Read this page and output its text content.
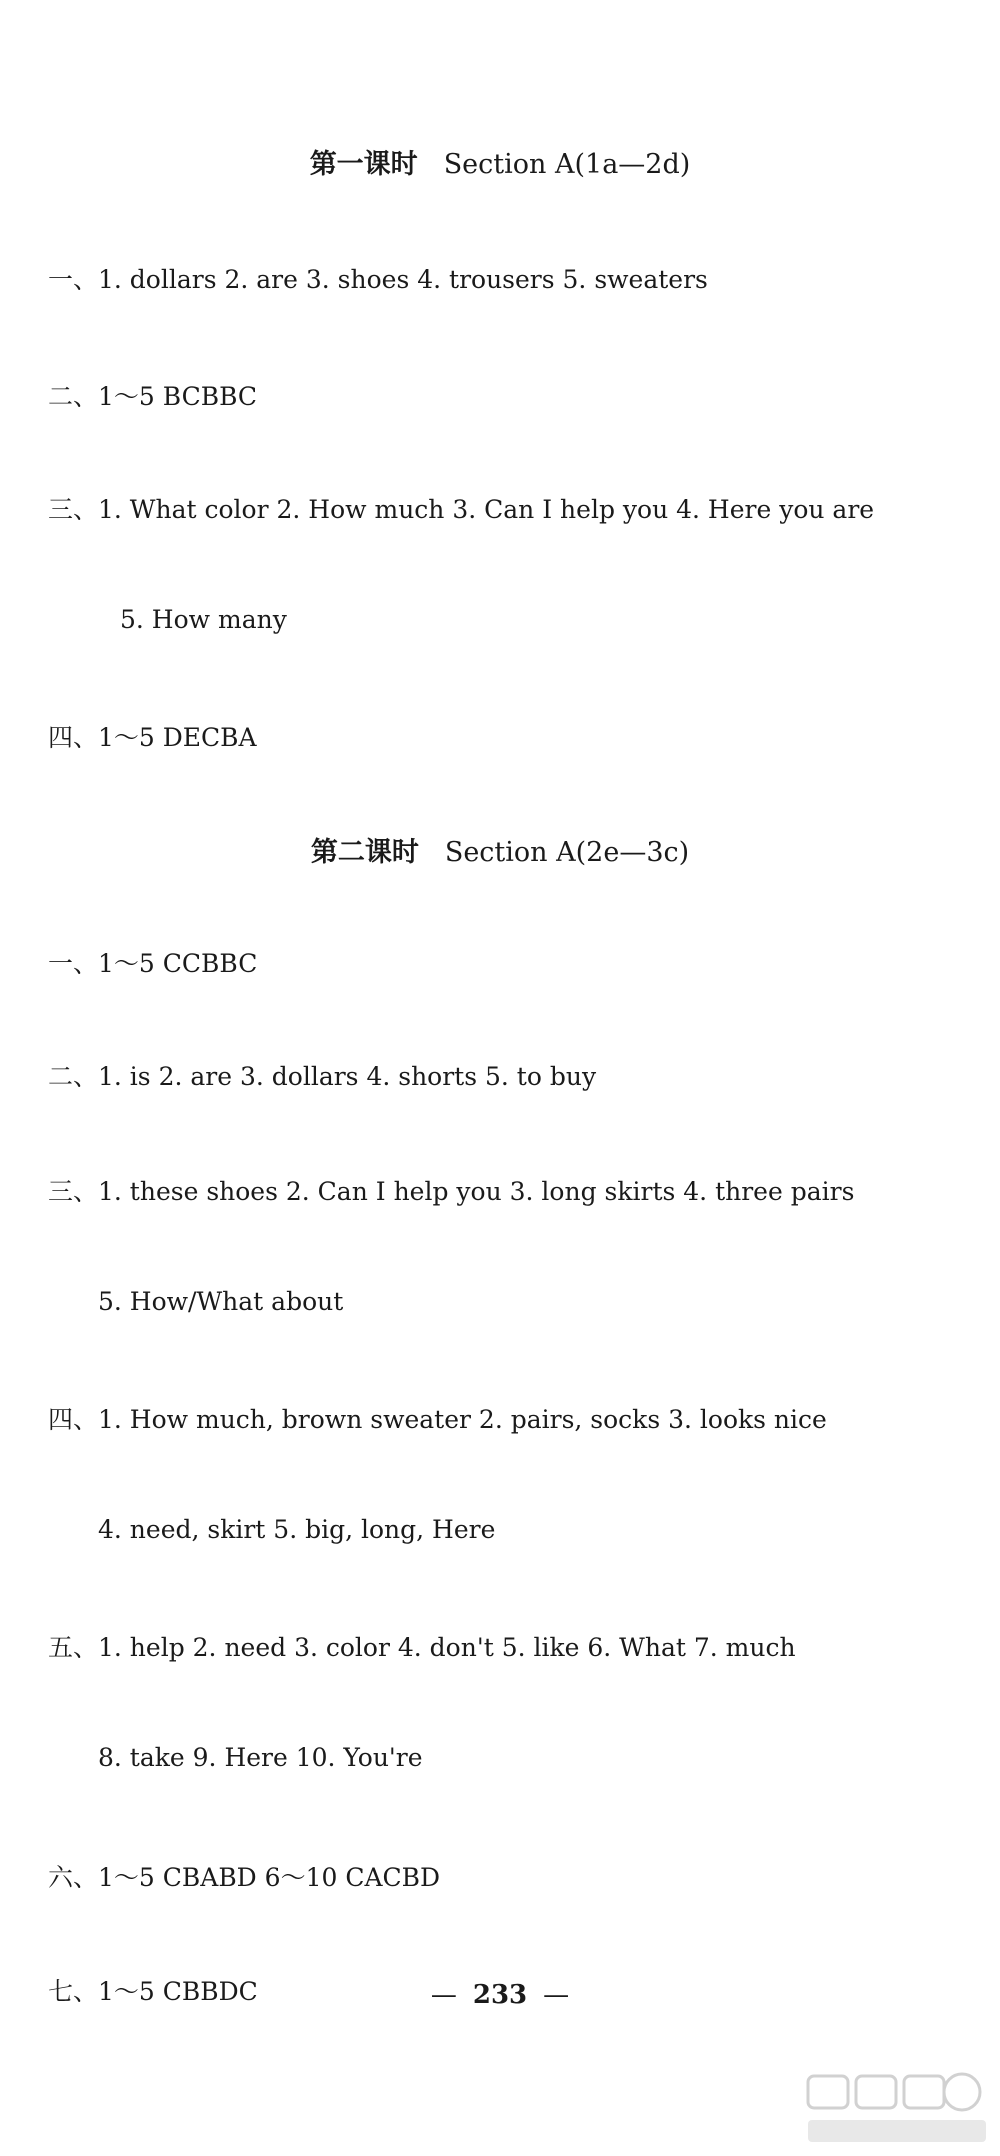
第一课时 Section A(1a—2d)
一、1. dollars 2. are 3. shoes 4. trousers 5. sweaters
二、1～5 BCBBC
三、1. What color 2. How much 3. Can I help you 4. Here you are
5. How many
四、1～5 DECBA
第二课时 Section A(2e—3c)
一、1～5 CCBBC
二、1. is 2. are 3. dollars 4. shorts 5. to buy
三、1. these shoes 2. Can I help you 3. long skirts 4. three pairs
5. How/What about
四、1. How much, brown sweater 2. pairs, socks 3. looks nice
4. need, skirt 5. big, long, Here
五、1. help 2. need 3. color 4. don't 5. like 6. What 7. much
8. take 9. Here 10. You're
六、1～5 CBABD 6～10 CACBD
七、1～5 CBBDC	— 233 —
